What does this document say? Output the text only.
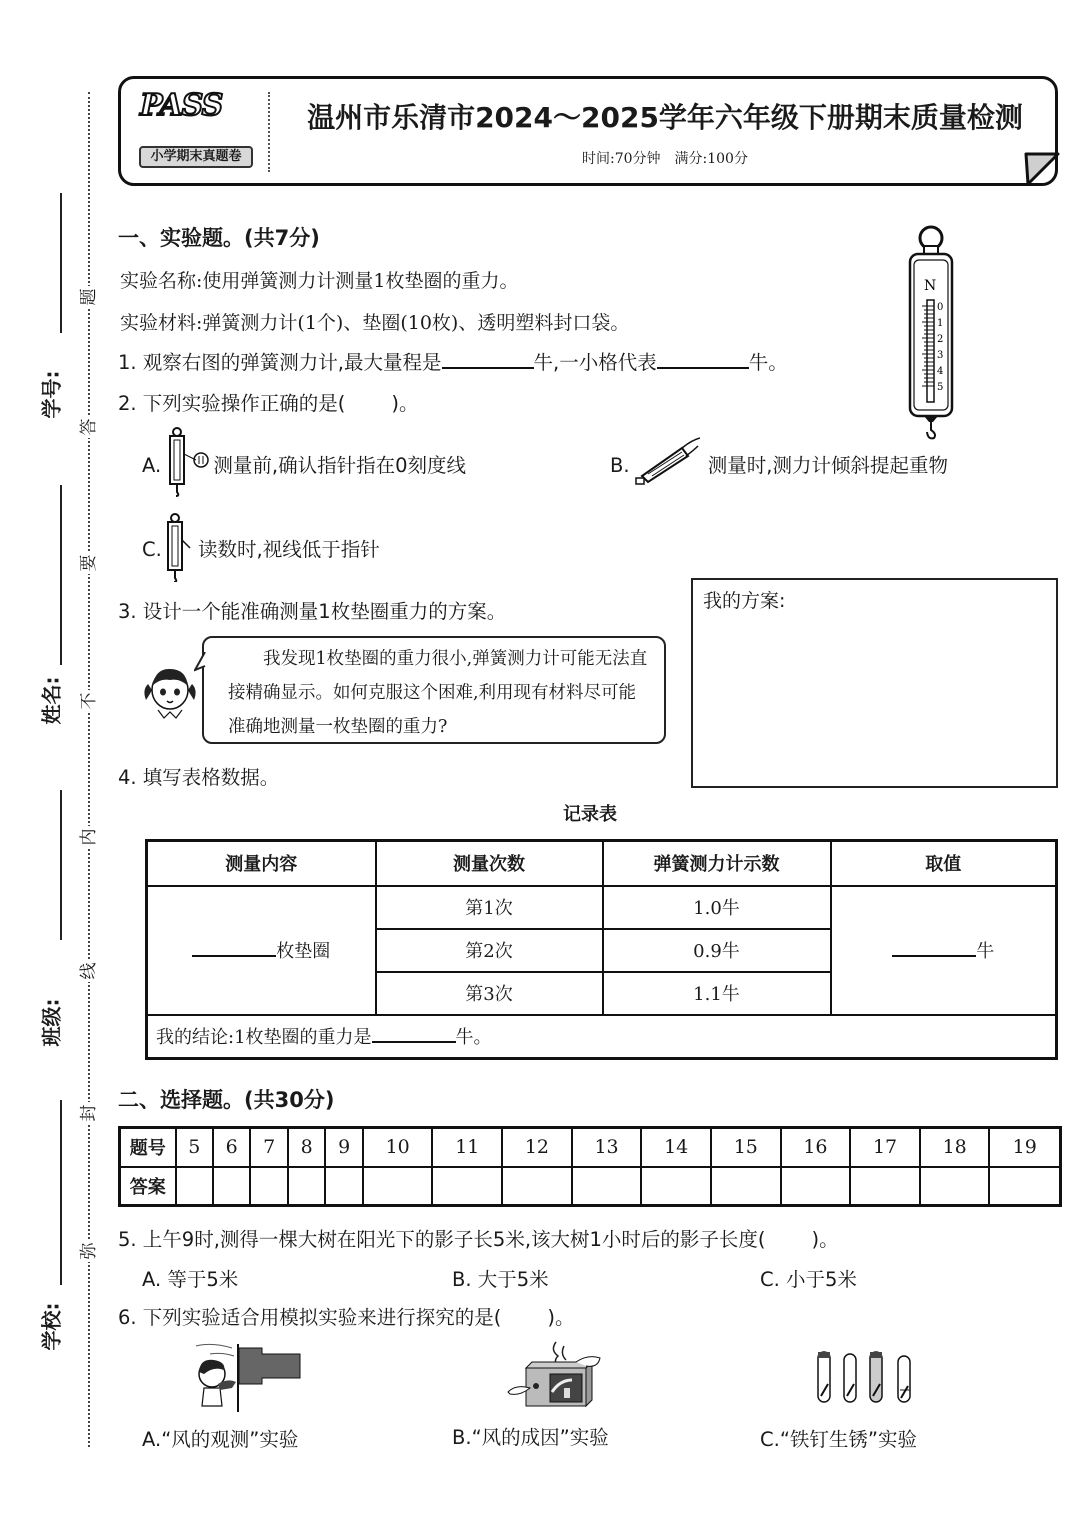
题
答
要
不
内
线
封
弥
学号:
姓名:
班级:
学校:
PASS
小学期末真题卷
温州市乐清市2024～2025学年六年级下册期末质量检测
时间:70分钟　满分:100分
一、实验题。(共7分)
实验名称:使用弹簧测力计测量1枚垫圈的重力。
实验材料:弹簧测力计(1个)、垫圈(10枚)、透明塑料封口袋。
1. 观察右图的弹簧测力计,最大量程是	牛,一小格代表	牛。
2. 下列实验操作正确的是( )。
N
0
1
2
3
4
5
A.	测量前,确认指针指在0刻度线	B.	测量时,测力计倾斜提起重物
C. 读数时,视线低于指针
3. 设计一个能准确测量1枚垫圈重力的方案。

我发现1枚垫圈的重力很小,弹簧测力计可能无法直接精确显示。如何克服这个困难,利用现有材料尽可能准确地测量一枚垫圈的重力?

我的方案:
4. 填写表格数据。
记录表
测量内容	测量次数	弹簧测力计示数	取值
枚垫圈	第1次	1.0牛	牛
	第2次	0.9牛	
	第3次	1.1牛	
我的结论:1枚垫圈的重力是 牛。			
二、选择题。(共30分)
题号	5	6	7	8	9	10	11	12	13	14	15	16	17	18	19
答案															
5. 上午9时,测得一棵大树在阳光下的影子长5米,该大树1小时后的影子长度( )。
A. 等于5米	B. 大于5米	C. 小于5米
6. 下列实验适合用模拟实验来进行探究的是( )。
A.“风的观测”实验	B.“风的成因”实验	C.“铁钉生锈”实验
